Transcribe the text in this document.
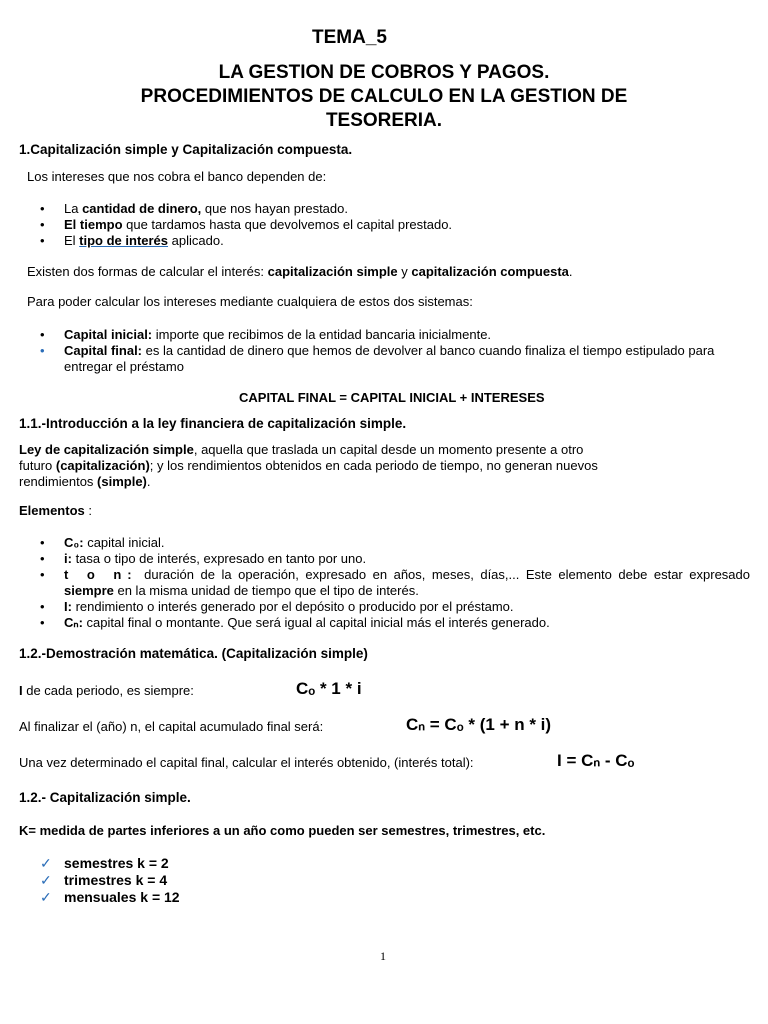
TEMA_5
LA GESTION DE COBROS Y PAGOS.
PROCEDIMIENTOS DE CALCULO EN LA GESTION DE
TESORERIA.
1.Capitalización simple y Capitalización compuesta.
Los intereses que nos cobra el banco dependen de:
• La cantidad de dinero, que nos hayan prestado.
• El tiempo que tardamos hasta que devolvemos el capital prestado.
• El tipo de interés aplicado.
Existen dos formas de calcular el interés: capitalización simple y capitalización compuesta.
Para poder calcular los intereses mediante cualquiera de estos dos sistemas:
• Capital inicial: importe que recibimos de la entidad bancaria inicialmente.
• Capital final: es la cantidad de dinero que hemos de devolver al banco cuando finaliza el tiempo estipulado para entregar el préstamo
CAPITAL FINAL = CAPITAL INICIAL + INTERESES
1.1.-Introducción a la ley financiera de capitalización simple.
Ley de capitalización simple, aquella que traslada un capital desde un momento presente a otro
futuro (capitalización); y los rendimientos obtenidos en cada periodo de tiempo, no generan nuevos
rendimientos (simple).
Elementos :
• C₀: capital inicial.
• i: tasa o tipo de interés, expresado en tanto por uno.
• t o n: duración de la operación, expresado en años, meses, días,... Este elemento debe estar expresado siempre en la misma unidad de tiempo que el tipo de interés.
• I: rendimiento o interés generado por el depósito o producido por el préstamo.
• Cₙ: capital final o montante. Que será igual al capital inicial más el interés generado.
1.2.-Demostración matemática. (Capitalización simple)
I de cada periodo, es siempre:	Cₒ * 1 * i
Al finalizar el (año) n, el capital acumulado final será:	Cₙ = Cₒ * (1 + n * i)
Una vez determinado el capital final, calcular el interés obtenido, (interés total):	I = Cₙ - Cₒ
1.2.- Capitalización simple.
K= medida de partes inferiores a un año como pueden ser semestres, trimestres, etc.
✓ semestres k = 2
✓ trimestres k = 4
✓ mensuales k = 12
1
